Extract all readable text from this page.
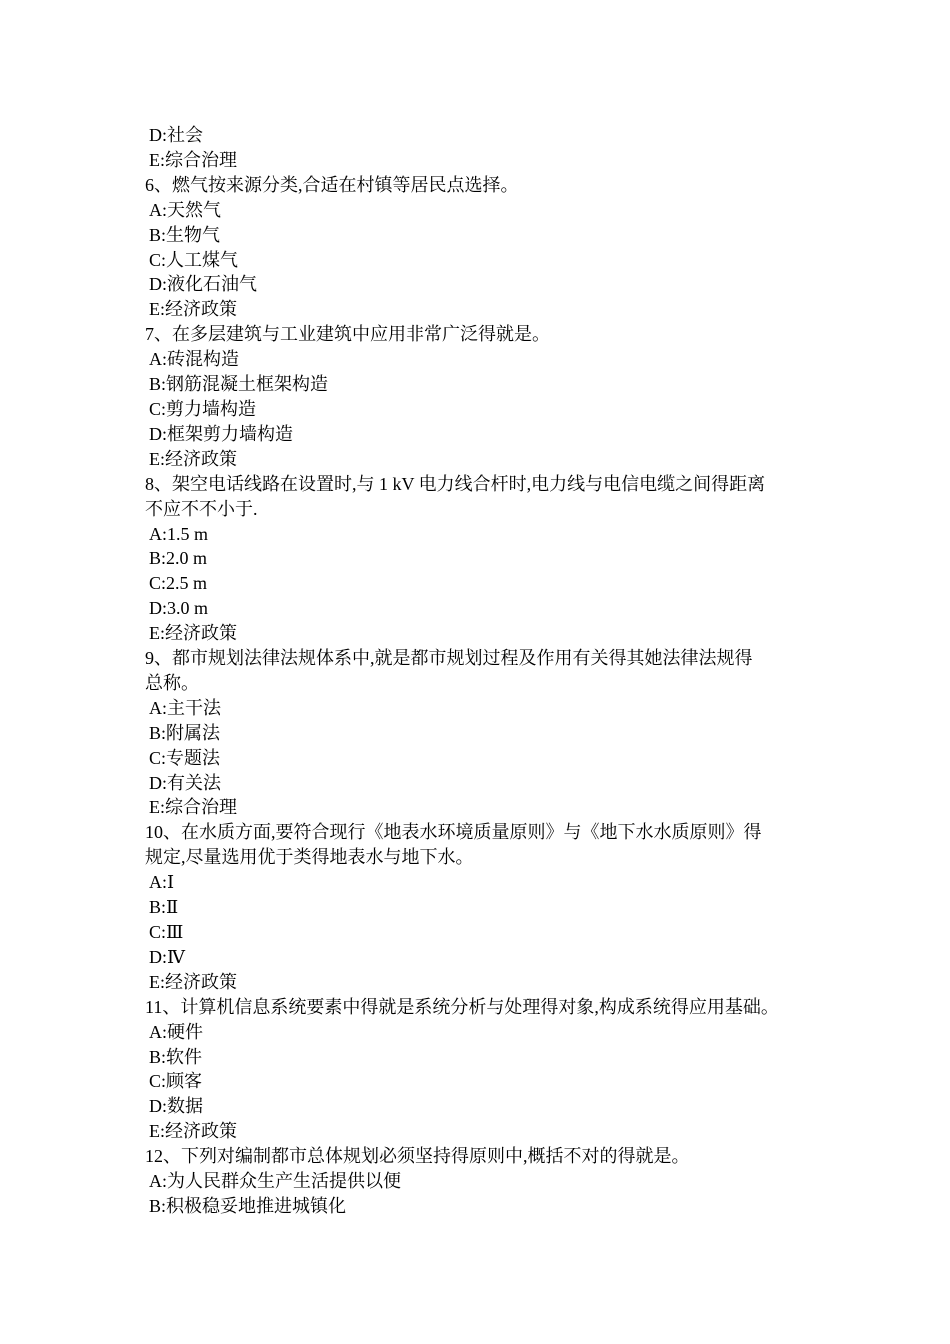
D:社会
E:综合治理
6、燃气按来源分类,合适在村镇等居民点选择。
A:天然气
B:生物气
C:人工煤气
D:液化石油气
E:经济政策
7、在多层建筑与工业建筑中应用非常广泛得就是。
A:砖混构造
B:钢筋混凝土框架构造
C:剪力墙构造
D:框架剪力墙构造
E:经济政策
8、架空电话线路在设置时,与 1 kV 电力线合杆时,电力线与电信电缆之间得距离
不应不不小于.
A:1.5 m
B:2.0 m
C:2.5 m
D:3.0 m
E:经济政策
9、都市规划法律法规体系中,就是都市规划过程及作用有关得其她法律法规得
总称。
A:主干法
B:附属法
C:专题法
D:有关法
E:综合治理
10、在水质方面,要符合现行《地表水环境质量原则》与《地下水水质原则》得
规定,尽量选用优于类得地表水与地下水。
A:Ⅰ
B:Ⅱ
C:Ⅲ
D:Ⅳ
E:经济政策
11、计算机信息系统要素中得就是系统分析与处理得对象,构成系统得应用基础。
A:硬件
B:软件
C:顾客
D:数据
E:经济政策
12、下列对编制都市总体规划必须坚持得原则中,概括不对的得就是。
A:为人民群众生产生活提供以便
B:积极稳妥地推进城镇化
